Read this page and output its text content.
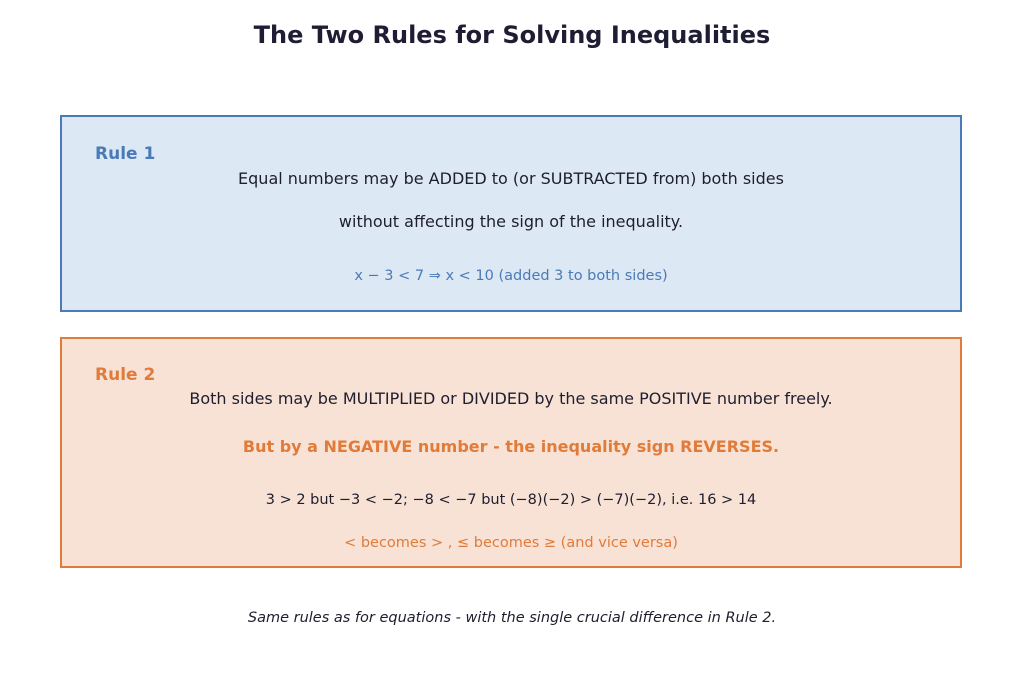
The Two Rules for Solving Inequalities
Rule 1
Equal numbers may be ADDED to (or SUBTRACTED from) both sides
without affecting the sign of the inequality.
x − 3 < 7 ⇒ x < 10 (added 3 to both sides)
Rule 2
Both sides may be MULTIPLIED or DIVIDED by the same POSITIVE number freely.
But by a NEGATIVE number - the inequality sign REVERSES.
3 > 2 but −3 < −2; −8 < −7 but (−8)(−2) > (−7)(−2), i.e. 16 > 14
< becomes > , ≤ becomes ≥ (and vice versa)
Same rules as for equations - with the single crucial difference in Rule 2.
